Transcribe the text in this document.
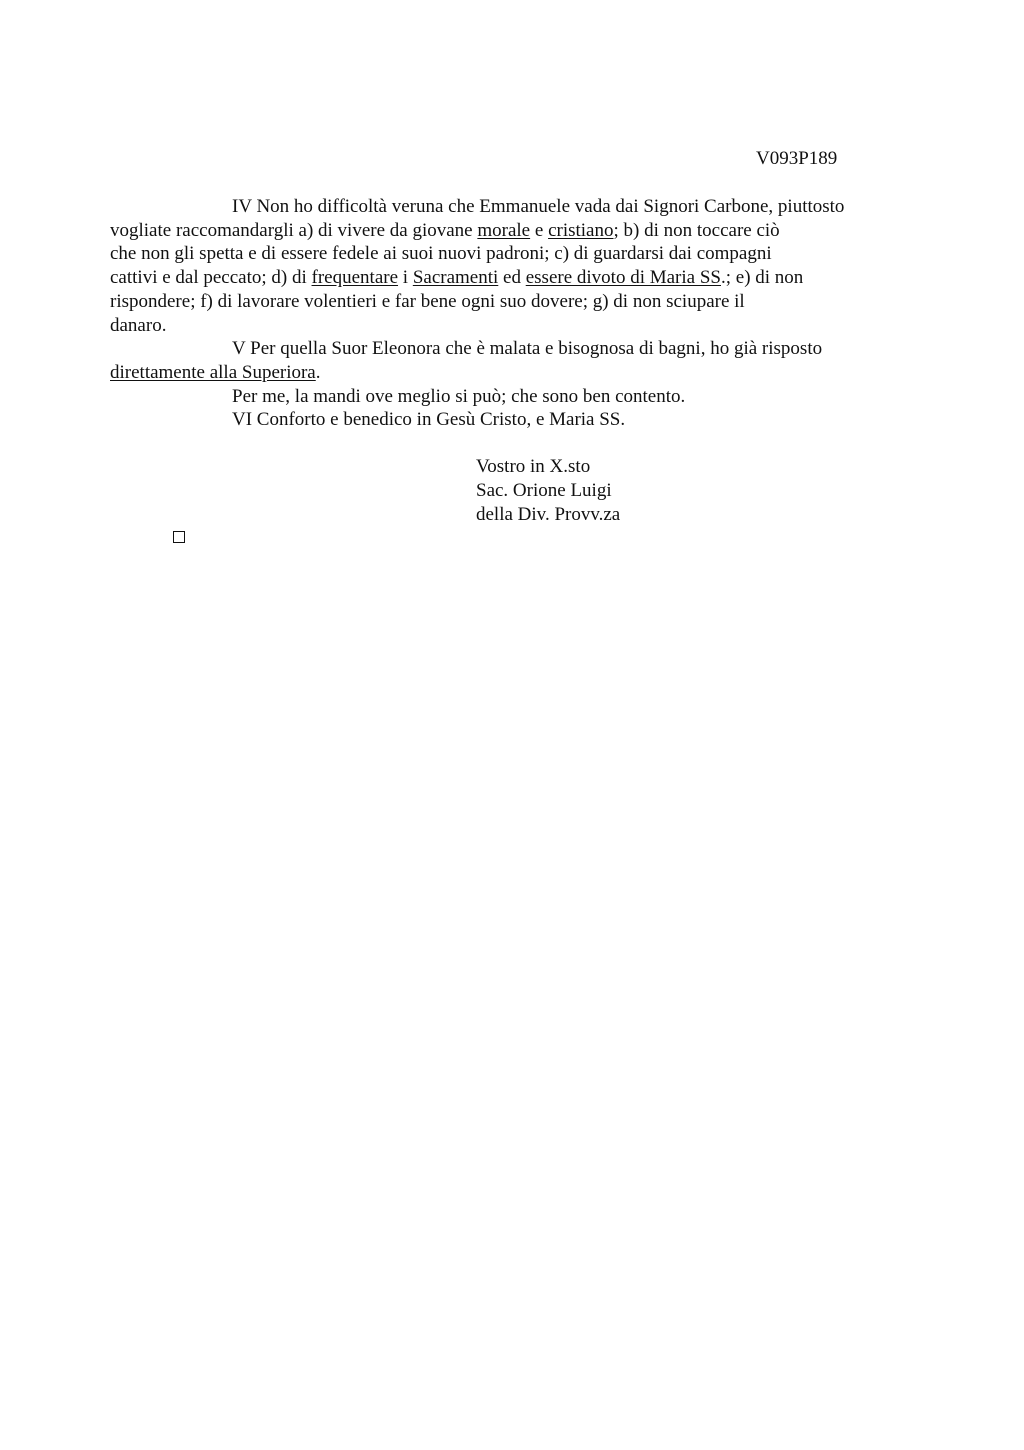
V093P189

IV Non ho difficoltà veruna che Emmanuele vada dai Signori Carbone, piuttosto
vogliate raccomandargli a) di vivere da giovane morale e cristiano; b) di non toccare ciò
che non gli spetta e di essere fedele ai suoi nuovi padroni; c) di guardarsi dai compagni
cattivi e dal peccato; d) di frequentare i Sacramenti ed essere divoto di Maria SS.; e) di non
rispondere; f) di lavorare volentieri e far bene ogni suo dovere; g) di non sciupare il
danaro.

V Per quella Suor Eleonora che è malata e bisognosa di bagni, ho già risposto
direttamente alla Superiora.

Per me, la mandi ove meglio si può; che sono ben contento.

VI Conforto e benedico in Gesù Cristo, e Maria SS.

Vostro in X.sto
Sac. Orione Luigi
della Div. Provv.za
